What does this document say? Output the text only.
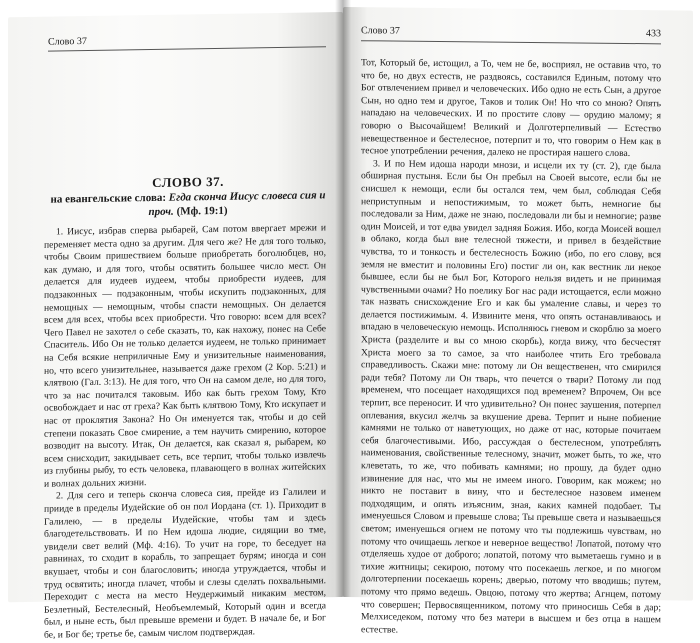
Слово 37
СЛОВО 37.
на евангельские слова: Егда скончa Иисус словеса сия и проч. (Мф. 19:1)

1. Иисус, избрав сперва рыбарей, Сам потом ввергает мрежи и переменяет места одно за другим. Для чего же? Не для того только, чтобы Своим пришествием больше приобретать боголюбцев, но, как думаю, и для того, чтобы освятить большее число мест. Он делается для иудеев иудеем, чтобы приобрести иудеев, для подзаконных — подзаконным, чтобы искупить подзаконных, для немощных — немощным, чтобы спасти немощных. Он делается всем для всех, чтобы всех приобрести. Что говорю: всем для всех? Чего Павел не захотел о себе сказать, то, как нахожу, понес на Себе Спаситель. Ибо Он не только делается иудеем, не только принимает на Себя всякие неприличные Ему и унизительные наименования, но, что всего унизительнее, называется даже грехом (2 Кор. 5:21) и клятвою (Гал. 3:13). Не для того, что Он на самом деле, но для того, что за нас почитался таковым. Ибо как быть грехом Тому, Кто освобождает и нас от греха? Как быть клятвою Тому, Кто искупает и нас от проклятия Закона? Но Он именуется так, чтобы и до сей степени показать Свое смирение, а тем научить смирению, которое возводит на высоту. Итак, Он делается, как сказал я, рыбарем, ко всем снисходит, закидывает сеть, все терпит, чтобы только извлечь из глубины рыбу, то есть человека, плавающего в волнах житейских и волнах дольних жизни.

2. Для сего и теперь скончa словеса сия, прейде из Галилеи и прииде в пределы Иудейские об он пол Иордана (ст. 1). Приходит в Галилею, — в пределы Иудейские, чтобы там и здесь благодетельствовать. И по Нем идоша людие, сидящии во тме, увидели свет велий (Мф. 4:16). То учит на горе, то беседует на равнинах, то сходит в корабль, то запрещает бурям; иногда и сон вкушает, чтобы и сон благословить; иногда утруждается, чтобы и труд освятить; иногда плачет, чтобы и слезы сделать похвальными. Переходит с места на место Неудержимый никаким местом, Безлетный, Бестелесный, Необъемлемый, Который один и всегда был, и ныне есть, был превыше времени и будет. В начале бе, и Бог бе, и Бог бе; третье бе, самым числом подтверждая.

Слово 37	433

Тот, Который бе, истощил, а То, чем не бе, восприял, не оставив что, то что бе, но двух естеств, не раздвоясь, составился Единым, потому что Бог отвлечением привел и человеческих. Ибо одно не есть Сын, а другое Сын, но одно тем и другое, Таков и толик Он! Но что со мною? Опять нападаю на человеческих. И по простите слову — орудию малому; я говорю о Высочайшем! Великий и Долготерпеливый — Естество невещественное и бестелесное, потерпит и то, что говорим о Нем как в тесное употреблении речения, далеко не простирая нашего слова.

3. И по Нем идоша народи мнози, и исцели их ту (ст. 2), где была обширная пустыня. Если бы Он пребыл на Своей высоте, если бы не снисшел к немощи, если бы остался тем, чем был, соблюдая Себя неприступным и непостижимым, то может быть, немногие бы последовали за Ним, даже не знаю, последовали ли бы и немногие; разве один Моисей, и тот едва увидел задняя Божия. Ибо, когда Моисей вошел в облако, когда был вне телесной тяжести, и привел в бездействие чувства, то и тонкость и бестелесность Божию (ибо, по его слову, вся земля не вместит и половины Его) постиг ли он, как вестник ли некое бывшее, если бы не был Бог, Которого нельзя видеть и не принимая чувственными очами? Но поелику Бог нас ради истощается, если можно так назвать снисхождение Его и как бы умаление славы, и через то делается постижимым. 4. Извините меня, что опять останавливаюсь и впадаю в человеческую немощь. Исполняюсь гневом и скорблю за моего Христа (разделите и вы со мною скорбь), когда вижу, что бесчестят Христа моего за то самое, за что наиболее чтить Его требовала справедливость. Скажи мне: потому ли Он вещественен, что смирился ради тебя? Потому ли Он тварь, что печется о твари? Потому ли под временем, что посещает находящихся под временем? Впрочем, Он все терпит, все переносит. И что удивительно? Он понес заушения, потерпел оплевания, вкусил желчь за вкушение древа. Терпит и ныне побиение камнями не только от наветующих, но даже от нас, которые почитаем себя благочестивыми. Ибо, рассуждая о бестелесном, употреблять наименования, свойственные телесному, значит, может быть, то же, что клеветать, то же, что побивать камнями; но прошу, да будет одно извинение для нас, что мы не имеем иного. Говорим, как можем; но никто не поставит в вину, что и бестелесное назовем именем подходящим, и опять изъясним, зная, каких камней подобает. Ты именуешься Словом и превыше слова; Ты превыше света и называешься светом; именуешься огнем не потому что ты подлежишь чувствам, но потому что очищаешь легкое и неверное вещество! Лопатой, потому что отделяешь худое от доброго; лопатой, потому что выметаешь гумно и в тихие житницы; секирою, потому что посекаешь легкое, и по многом долготерпении посекаешь корень; дверью, потому что вводишь; путем, потому что прямо ведешь. Овцою, потому что жертва; Агнцем, потому что совершен; Первосвященником, потому что приносишь Себя в дар; Мелхиседеком, потому что без матери в высшем и без отца в нашем естестве.
